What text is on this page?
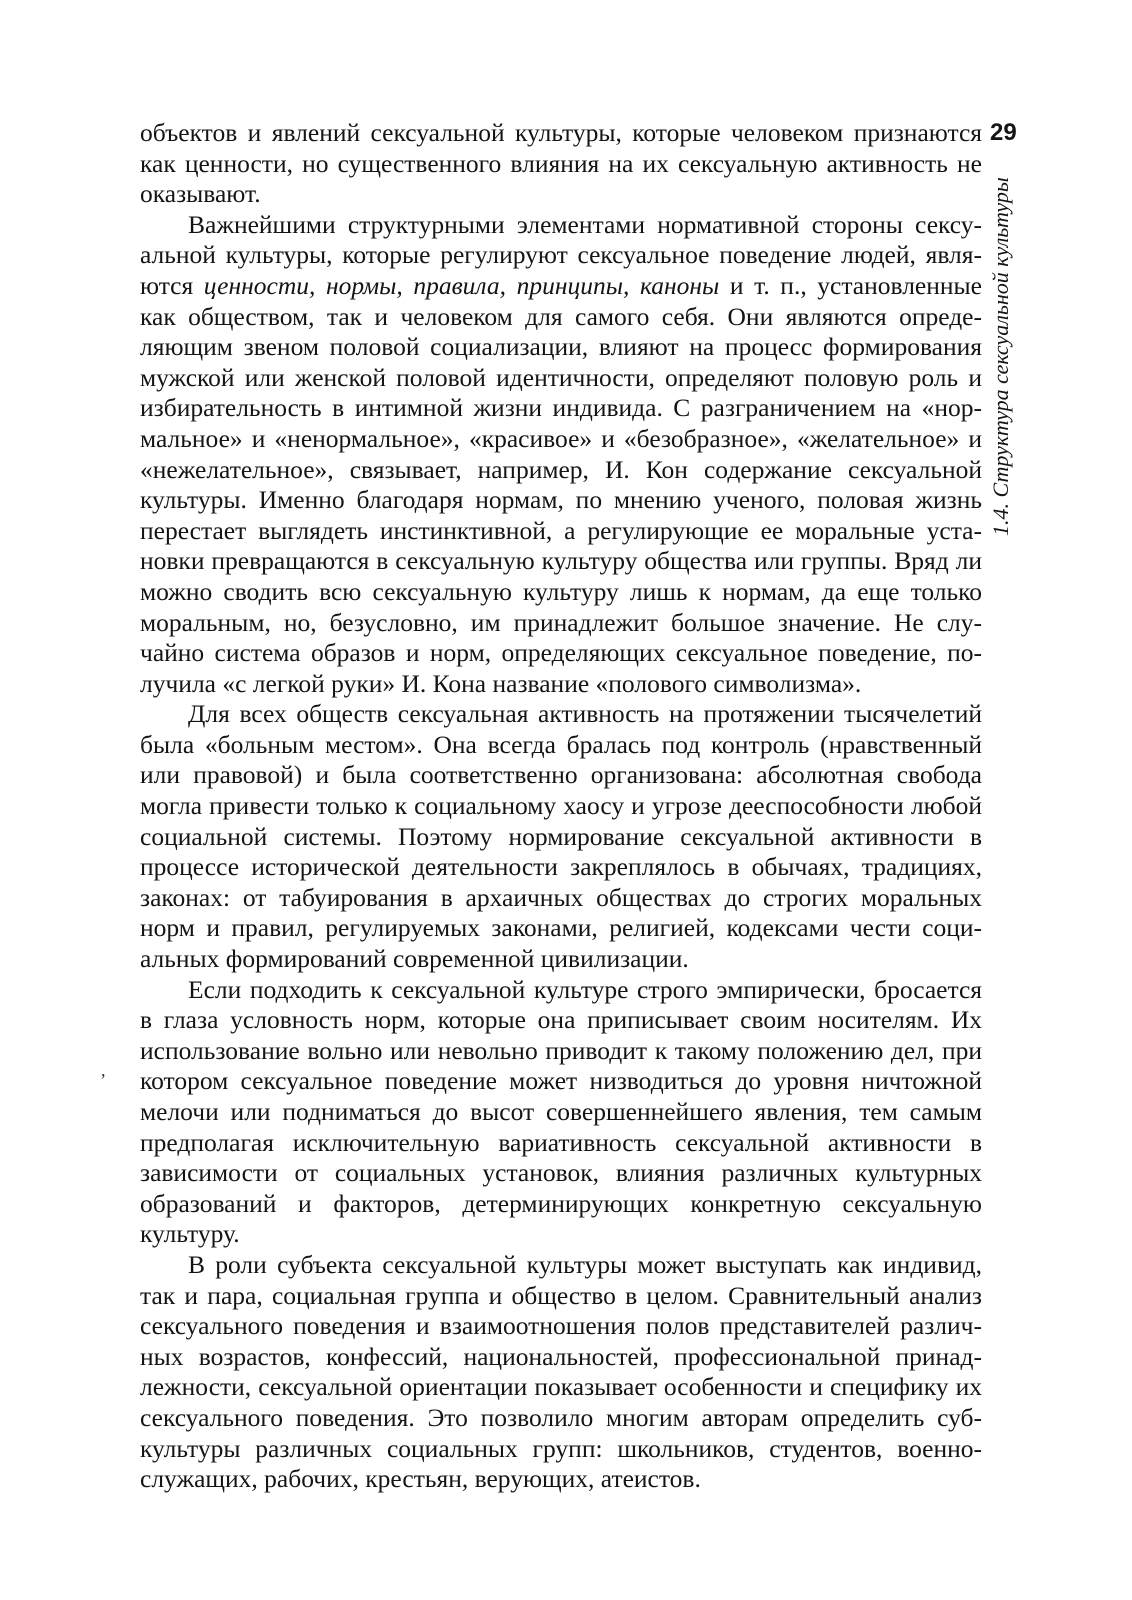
объектов и явлений сексуальной культуры, которые человеком признаются как ценности, но существенного влияния на их сексуальную активность не оказывают.

Важнейшими структурными элементами нормативной стороны сексуальной культуры, которые регулируют сексуальное поведение людей, являются ценности, нормы, правила, принципы, каноны и т. п., установленные как обществом, так и человеком для самого себя. Они являются определяющим звеном половой социализации, влияют на процесс формирования мужской или женской половой идентичности, определяют половую роль и избирательность в интимной жизни индивида. С разграничением на «нормальное» и «ненормальное», «красивое» и «безобразное», «желательное» и «нежелательное», связывает, например, И. Кон содержание сексуальной культуры. Именно благодаря нормам, по мнению ученого, половая жизнь перестает выглядеть инстинктивной, а регулирующие ее моральные установки превращаются в сексуальную культуру общества или группы. Вряд ли можно сводить всю сексуальную культуру лишь к нормам, да еще только моральным, но, безусловно, им принадлежит большое значение. Не случайно система образов и норм, определяющих сексуальное поведение, получила «с легкой руки» И. Кона название «полового символизма».

Для всех обществ сексуальная активность на протяжении тысячелетий была «больным местом». Она всегда бралась под контроль (нравственный или правовой) и была соответственно организована: абсолютная свобода могла привести только к социальному хаосу и угрозе дееспособности любой социальной системы. Поэтому нормирование сексуальной активности в процессе исторической деятельности закреплялось в обычаях, традициях, законах: от табуирования в архаичных обществах до строгих моральных норм и правил, регулируемых законами, религией, кодексами чести социальных формирований современной цивилизации.

Если подходить к сексуальной культуре строго эмпирически, бросается в глаза условность норм, которые она приписывает своим носителям. Их использование вольно или невольно приводит к такому положению дел, при котором сексуальное поведение может низводиться до уровня ничтожной мелочи или подниматься до высот совершеннейшего явления, тем самым предполагая исключительную вариативность сексуальной активности в зависимости от социальных установок, влияния различных культурных образований и факторов, детерминирующих конкретную сексуальную культуру.

В роли субъекта сексуальной культуры может выступать как индивид, так и пара, социальная группа и общество в целом. Сравнительный анализ сексуального поведения и взаимоотношения полов представителей различных возрастов, конфессий, национальностей, профессиональной принадлежности, сексуальной ориентации показывает особенности и специфику их сексуального поведения. Это позволило многим авторам определить субкультуры различных социальных групп: школьников, студентов, военнослужащих, рабочих, крестьян, верующих, атеистов.

29
1.4. Структура сексуальной культуры
,
